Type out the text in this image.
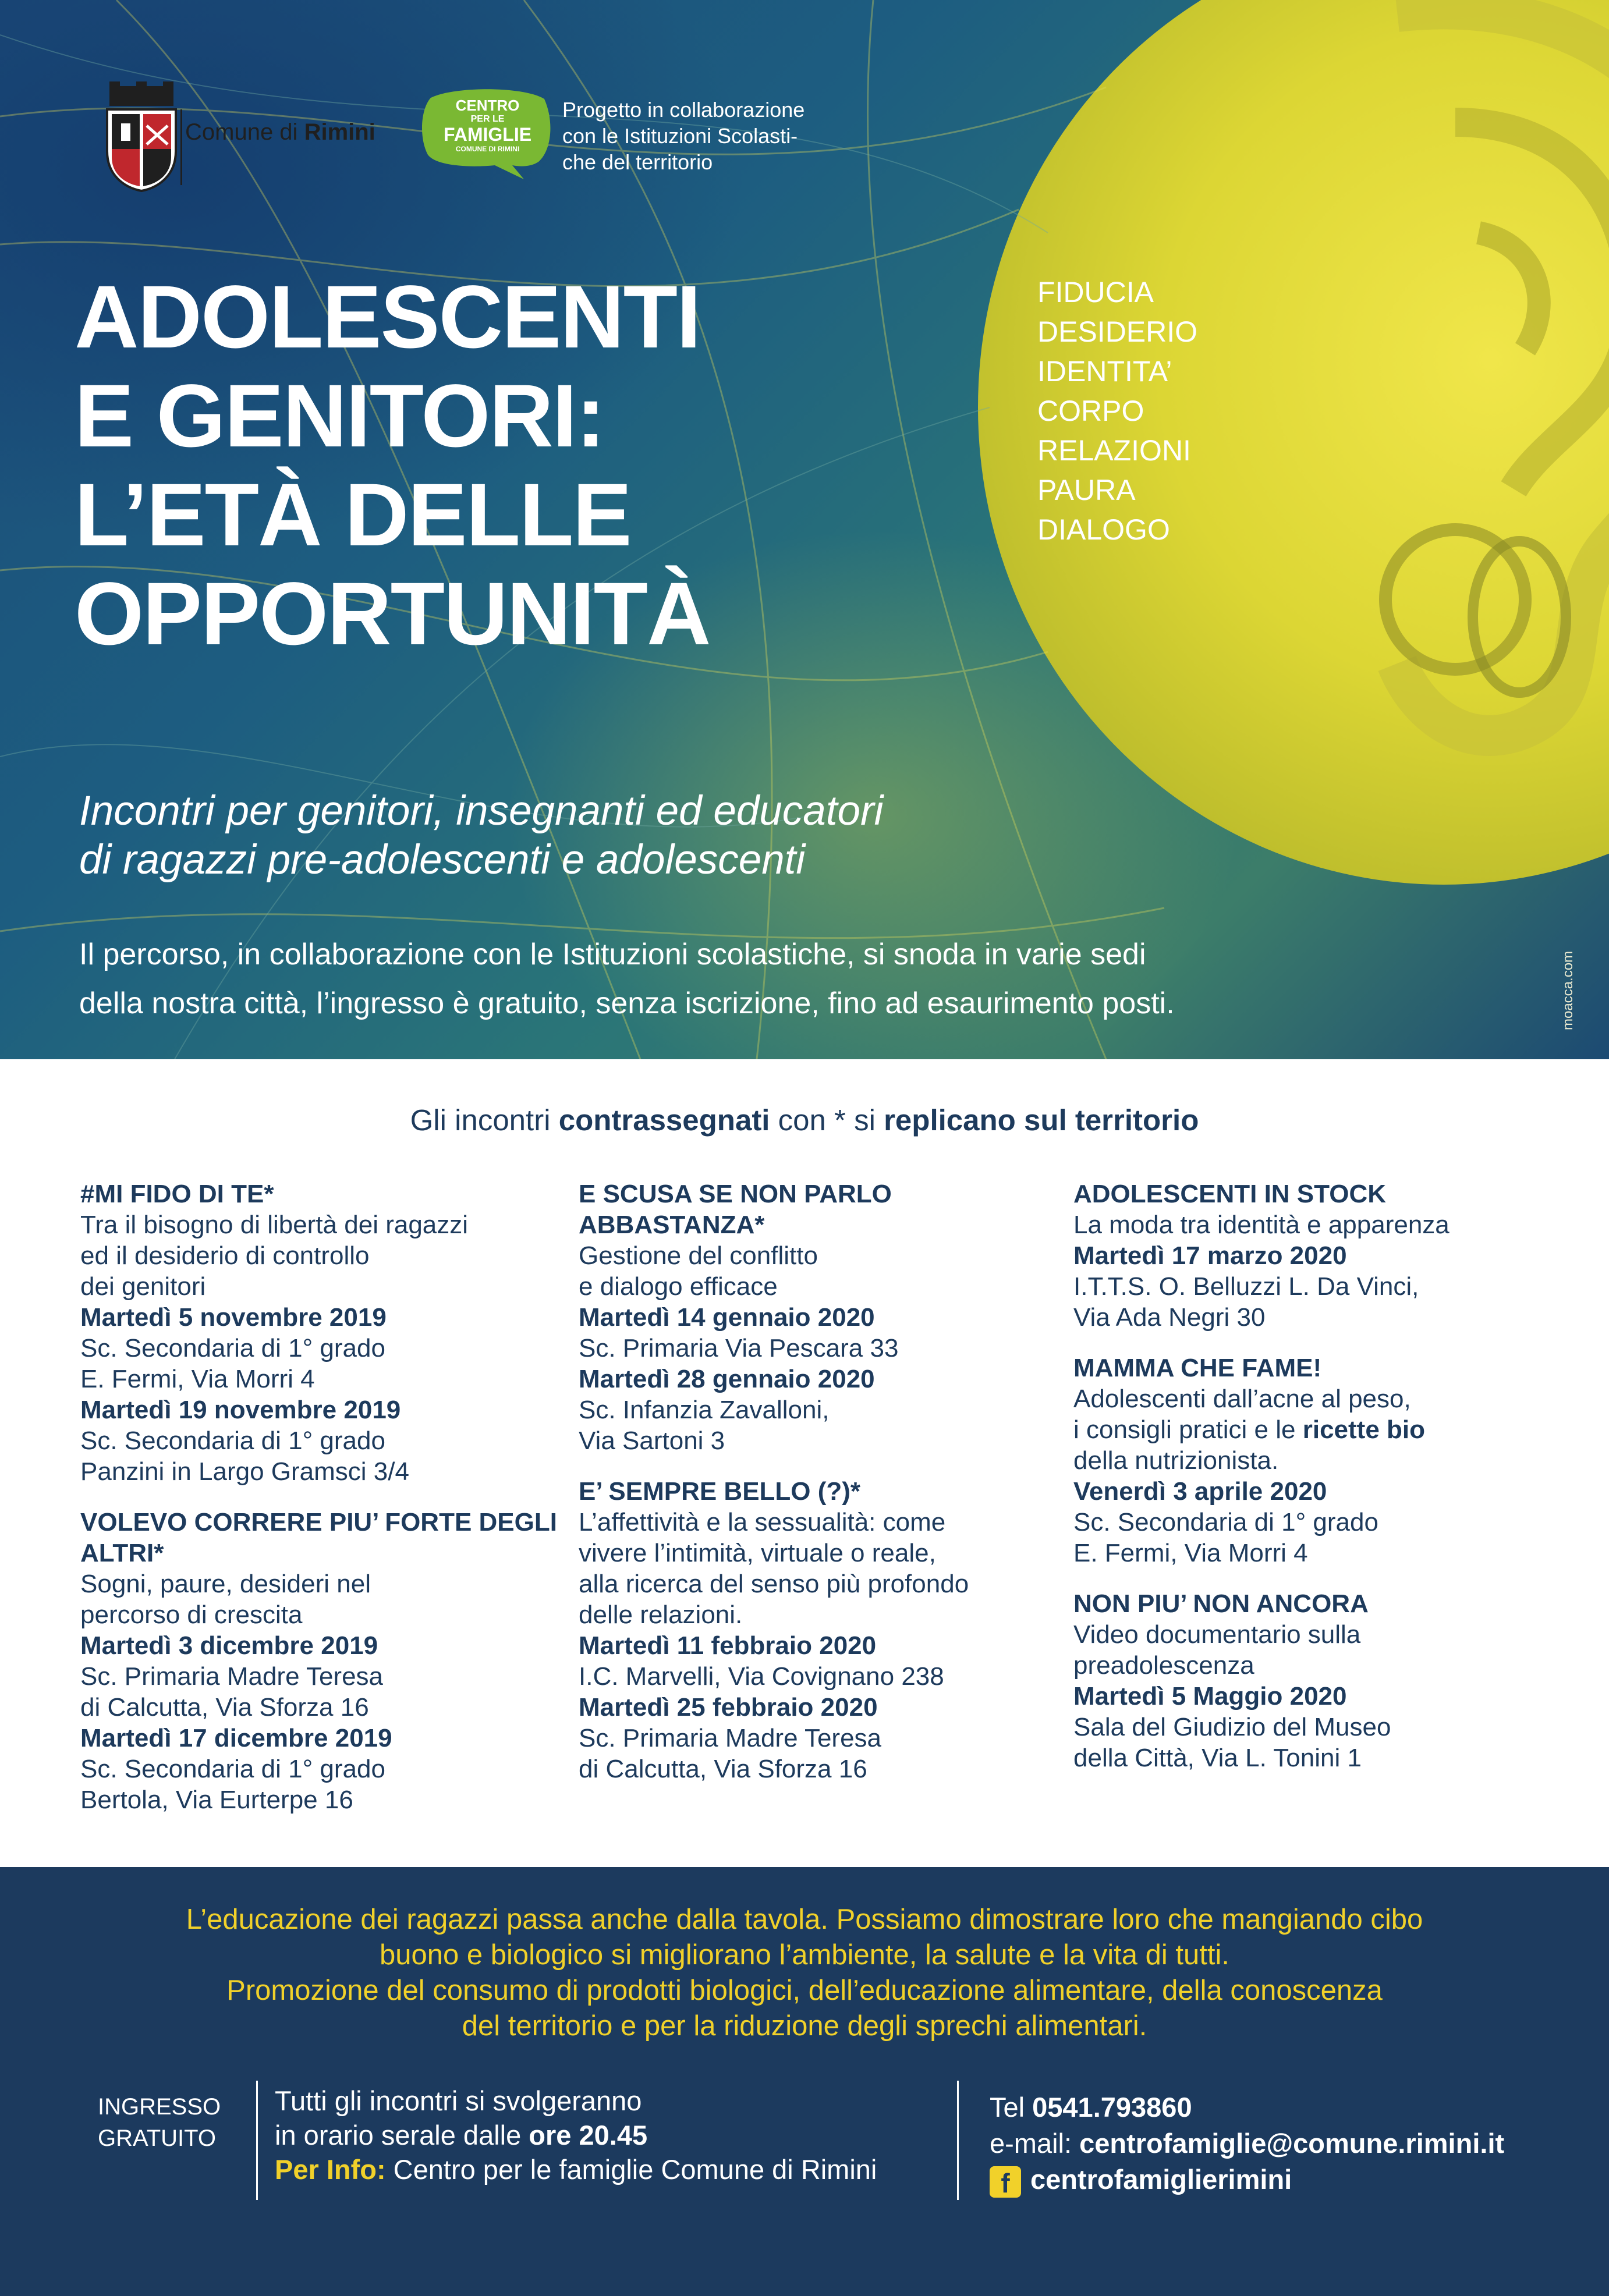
Comune di Rimini
CENTRO
PER LE
FAMIGLIE
COMUNE DI RIMINI
Progetto in collaborazione
con le Istituzioni Scolasti-
che del territorio
ADOLESCENTI
E GENITORI:
L’ETÀ DELLE
OPPORTUNITÀ
FIDUCIA
DESIDERIO
IDENTITA’
CORPO
RELAZIONI
PAURA
DIALOGO
Incontri per genitori, insegnanti ed educatori
di ragazzi pre-adolescenti e adolescenti
Il percorso, in collaborazione con le Istituzioni scolastiche, si snoda in varie sedi
della nostra città, l’ingresso è gratuito, senza iscrizione, fino ad esaurimento posti.	moacca.com
Gli incontri contrassegnati con * si replicano sul territorio
#MI FIDO DI TE*
Tra il bisogno di libertà dei ragazzi
ed il desiderio di controllo
dei genitori
Martedì 5 novembre 2019
Sc. Secondaria di 1° grado
E. Fermi, Via Morri 4
Martedì 19 novembre 2019
Sc. Secondaria di 1° grado
Panzini in Largo Gramsci 3/4
VOLEVO CORRERE PIU’ FORTE DEGLI ALTRI*
Sogni, paure, desideri nel
percorso di crescita
Martedì 3 dicembre 2019
Sc. Primaria Madre Teresa
di Calcutta, Via Sforza 16
Martedì 17 dicembre 2019
Sc. Secondaria di 1° grado
Bertola, Via Eurterpe 16
E SCUSA SE NON PARLO ABBASTANZA*
Gestione del conflitto
e dialogo efficace
Martedì 14 gennaio 2020
Sc. Primaria Via Pescara 33
Martedì 28 gennaio 2020
Sc. Infanzia Zavalloni,
Via Sartoni 3
E’ SEMPRE BELLO (?)*
L’affettività e la sessualità: come
vivere l’intimità, virtuale o reale,
alla ricerca del senso più profondo
delle relazioni.
Martedì 11 febbraio 2020
I.C. Marvelli, Via Covignano 238
Martedì 25 febbraio 2020
Sc. Primaria Madre Teresa
di Calcutta, Via Sforza 16
ADOLESCENTI IN STOCK
La moda tra identità e apparenza
Martedì 17 marzo 2020
I.T.T.S. O. Belluzzi L. Da Vinci,
Via Ada Negri 30
MAMMA CHE FAME!
Adolescenti dall’acne al peso,
i consigli pratici e le ricette bio
della nutrizionista.
Venerdì 3 aprile 2020
Sc. Secondaria di 1° grado
E. Fermi, Via Morri 4
NON PIU’ NON ANCORA
Video documentario sulla
preadolescenza
Martedì 5 Maggio 2020
Sala del Giudizio del Museo
della Città, Via L. Tonini 1
L’educazione dei ragazzi passa anche dalla tavola. Possiamo dimostrare loro che mangiando cibo
buono e biologico si migliorano l’ambiente, la salute e la vita di tutti.
Promozione del consumo di prodotti biologici, dell’educazione alimentare, della conoscenza
del territorio e per la riduzione degli sprechi alimentari.
INGRESSO
GRATUITO
Tutti gli incontri si svolgeranno
in orario serale dalle ore 20.45
Per Info: Centro per le famiglie Comune di Rimini
Tel 0541.793860
e-mail: centrofamiglie@comune.rimini.it
f centrofamiglierimini
